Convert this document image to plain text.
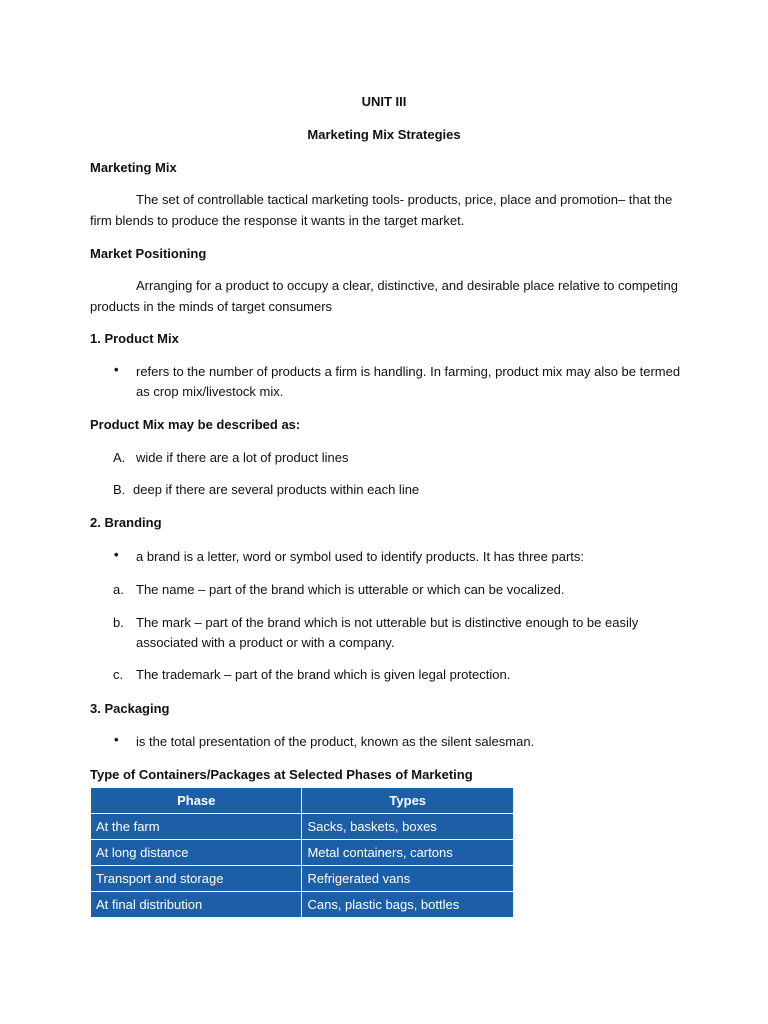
UNIT III
Marketing Mix Strategies
Marketing Mix
The set of controllable tactical marketing tools- products, price, place and promotion– that the
firm blends to produce the response it wants in the target market.
Market Positioning
Arranging for a product to occupy a clear, distinctive, and desirable place relative to competing
products in the minds of target consumers
1. Product Mix
• refers to the number of products a firm is handling. In farming, product mix may also be termed
as crop mix/livestock mix.
Product Mix may be described as:
A. wide if there are a lot of product lines
B. deep if there are several products within each line
2. Branding
• a brand is a letter, word or symbol used to identify products. It has three parts:
a. The name – part of the brand which is utterable or which can be vocalized.
b. The mark – part of the brand which is not utterable but is distinctive enough to be easily
associated with a product or with a company.
c. The trademark – part of the brand which is given legal protection.
3. Packaging
• is the total presentation of the product, known as the silent salesman.
Type of Containers/Packages at Selected Phases of Marketing
Phase	Types
At the farm	Sacks, baskets, boxes
At long distance	Metal containers, cartons
Transport and storage	Refrigerated vans
At final distribution	Cans, plastic bags, bottles
